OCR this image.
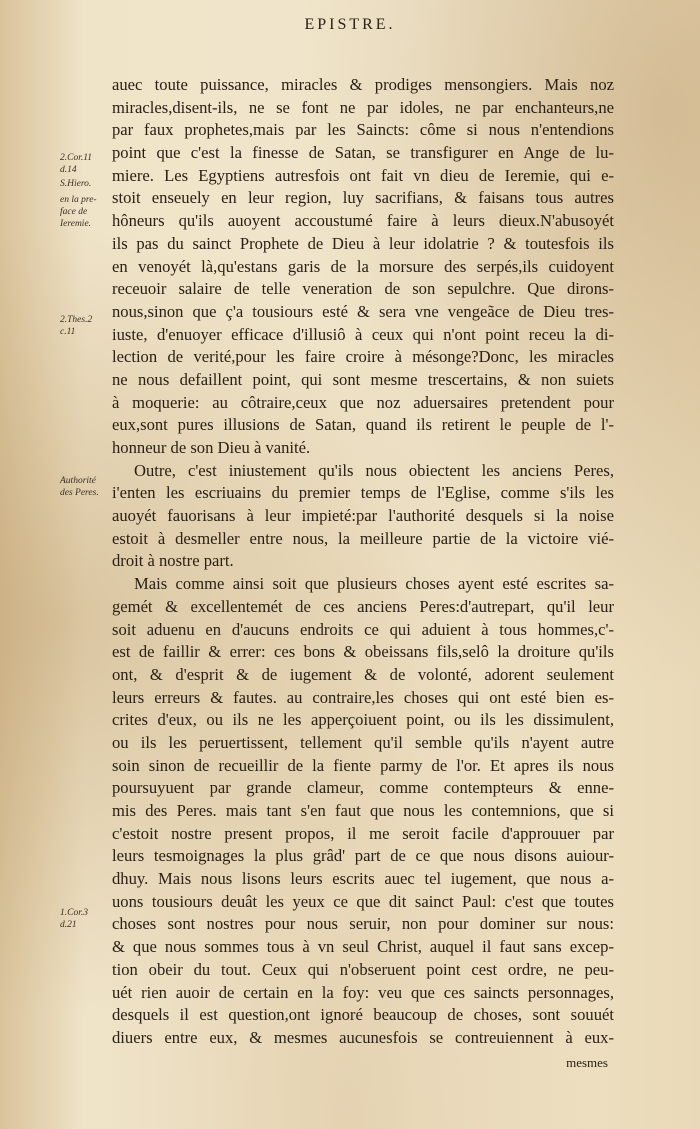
EPISTRE.
2.Cor.11
d.14
S.Hiero.
en la pre-
face de
Ieremie.
2.Thes.2
c.11
Authorité
des Peres.
1.Cor.3
d.21
auec toute puissance, miracles & prodiges mensongiers. Mais noz
miracles,disent-ils, ne se font ne par idoles, ne par enchanteurs,ne
par faux prophetes,mais par les Saincts: côme si nous n'entendions
point que c'est la finesse de Satan, se transfigurer en Ange de lu-
miere. Les Egyptiens autresfois ont fait vn dieu de Ieremie, qui e-
stoit enseuely en leur region, luy sacrifians, & faisans tous autres
hôneurs qu'ils auoyent accoustumé faire à leurs dieux.N'abusoyét
ils pas du sainct Prophete de Dieu à leur idolatrie ? & toutesfois ils
en venoyét là,qu'estans garis de la morsure des serpés,ils cuidoyent
receuoir salaire de telle veneration de son sepulchre. Que dirons-
nous,sinon que ç'a tousiours esté & sera vne vengeãce de Dieu tres-
iuste, d'enuoyer efficace d'illusiô à ceux qui n'ont point receu la di-
lection de verité,pour les faire croire à mésonge?Donc, les miracles
ne nous defaillent point, qui sont mesme trescertains, & non suiets
à moquerie: au côtraire,ceux que noz aduersaires pretendent pour
eux,sont pures illusions de Satan, quand ils retirent le peuple de l'-
honneur de son Dieu à vanité.
Outre, c'est iniustement qu'ils nous obiectent les anciens Peres,
i'enten les escriuains du premier temps de l'Eglise, comme s'ils les
auoyét fauorisans à leur impieté:par l'authorité desquels si la noise
estoit à desmeller entre nous, la meilleure partie de la victoire vié-
droit à nostre part.
Mais comme ainsi soit que plusieurs choses ayent esté escrites sa-
gemét & excellentemét de ces anciens Peres:d'autrepart, qu'il leur
soit aduenu en d'aucuns endroits ce qui aduient à tous hommes,c'-
est de faillir & errer: ces bons & obeissans fils,selô la droiture qu'ils
ont, & d'esprit & de iugement & de volonté, adorent seulement
leurs erreurs & fautes. au contraire,les choses qui ont esté bien es-
crites d'eux, ou ils ne les apperçoiuent point, ou ils les dissimulent,
ou ils les peruertissent, tellement qu'il semble qu'ils n'ayent autre
soin sinon de recueillir de la fiente parmy de l'or. Et apres ils nous
poursuyuent par grande clameur, comme contempteurs & enne-
mis des Peres. mais tant s'en faut que nous les contemnions, que si
c'estoit nostre present propos, il me seroit facile d'approuuer par
leurs tesmoignages la plus grâd' part de ce que nous disons auiour-
dhuy. Mais nous lisons leurs escrits auec tel iugement, que nous a-
uons tousiours deuât les yeux ce que dit sainct Paul: c'est que toutes
choses sont nostres pour nous seruir, non pour dominer sur nous:
& que nous sommes tous à vn seul Christ, auquel il faut sans excep-
tion obeir du tout. Ceux qui n'obseruent point cest ordre, ne peu-
uét rien auoir de certain en la foy: veu que ces saincts personnages,
desquels il est question,ont ignoré beaucoup de choses, sont souuét
diuers entre eux, & mesmes aucunesfois se contreuiennent à eux-
mesmes
